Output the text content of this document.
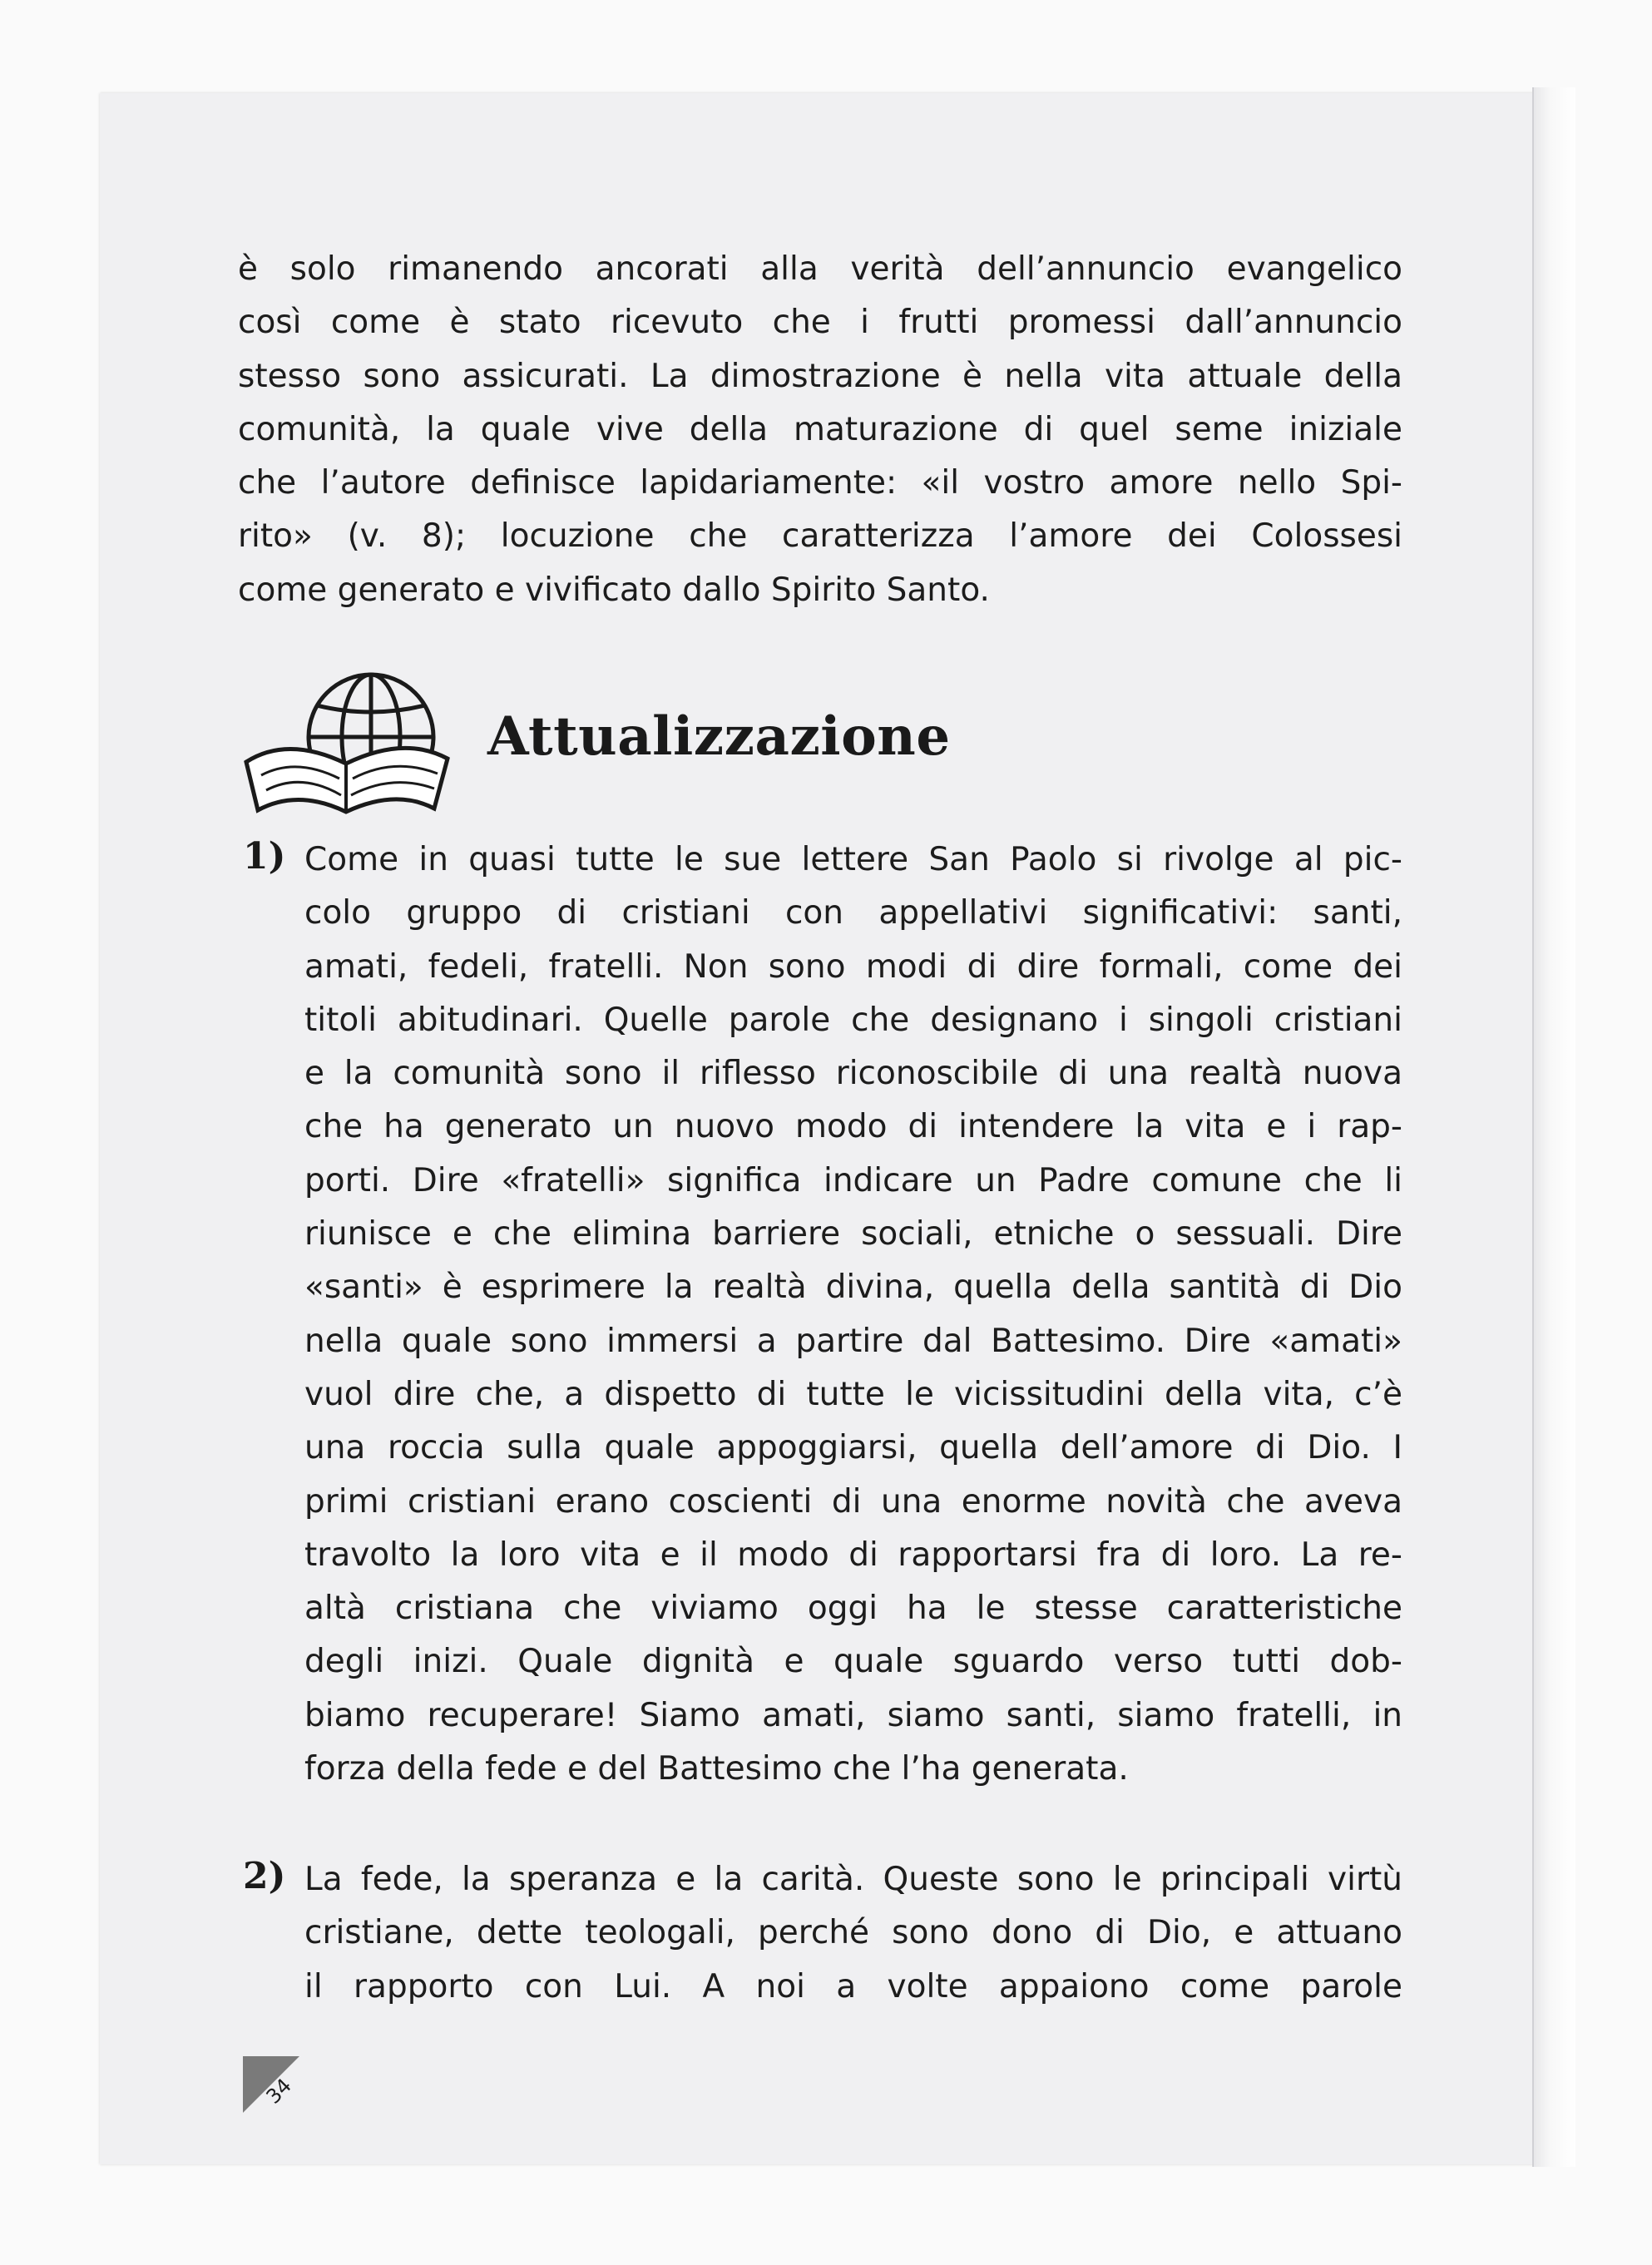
è solo rimanendo ancorati alla verità dell’annuncio evangelico
così come è stato ricevuto che i frutti promessi dall’annuncio
stesso sono assicurati. La dimostrazione è nella vita attuale della
comunità, la quale vive della maturazione di quel seme iniziale
che l’autore definisce lapidariamente: «il vostro amore nello Spi-
rito» (v. 8); locuzione che caratterizza l’amore dei Colossesi
come generato e vivificato dallo Spirito Santo.
Attualizzazione
1) Come in quasi tutte le sue lettere San Paolo si rivolge al pic-
colo gruppo di cristiani con appellativi significativi: santi,
amati, fedeli, fratelli. Non sono modi di dire formali, come dei
titoli abitudinari. Quelle parole che designano i singoli cristiani
e la comunità sono il riflesso riconoscibile di una realtà nuova
che ha generato un nuovo modo di intendere la vita e i rap-
porti. Dire «fratelli» significa indicare un Padre comune che li
riunisce e che elimina barriere sociali, etniche o sessuali. Dire
«santi» è esprimere la realtà divina, quella della santità di Dio
nella quale sono immersi a partire dal Battesimo. Dire «amati»
vuol dire che, a dispetto di tutte le vicissitudini della vita, c’è
una roccia sulla quale appoggiarsi, quella dell’amore di Dio. I
primi cristiani erano coscienti di una enorme novità che aveva
travolto la loro vita e il modo di rapportarsi fra di loro. La re-
altà cristiana che viviamo oggi ha le stesse caratteristiche
degli inizi. Quale dignità e quale sguardo verso tutti dob-
biamo recuperare! Siamo amati, siamo santi, siamo fratelli, in
forza della fede e del Battesimo che l’ha generata.
2) La fede, la speranza e la carità. Queste sono le principali virtù
cristiane, dette teologali, perché sono dono di Dio, e attuano
il rapporto con Lui. A noi a volte appaiono come parole
34
